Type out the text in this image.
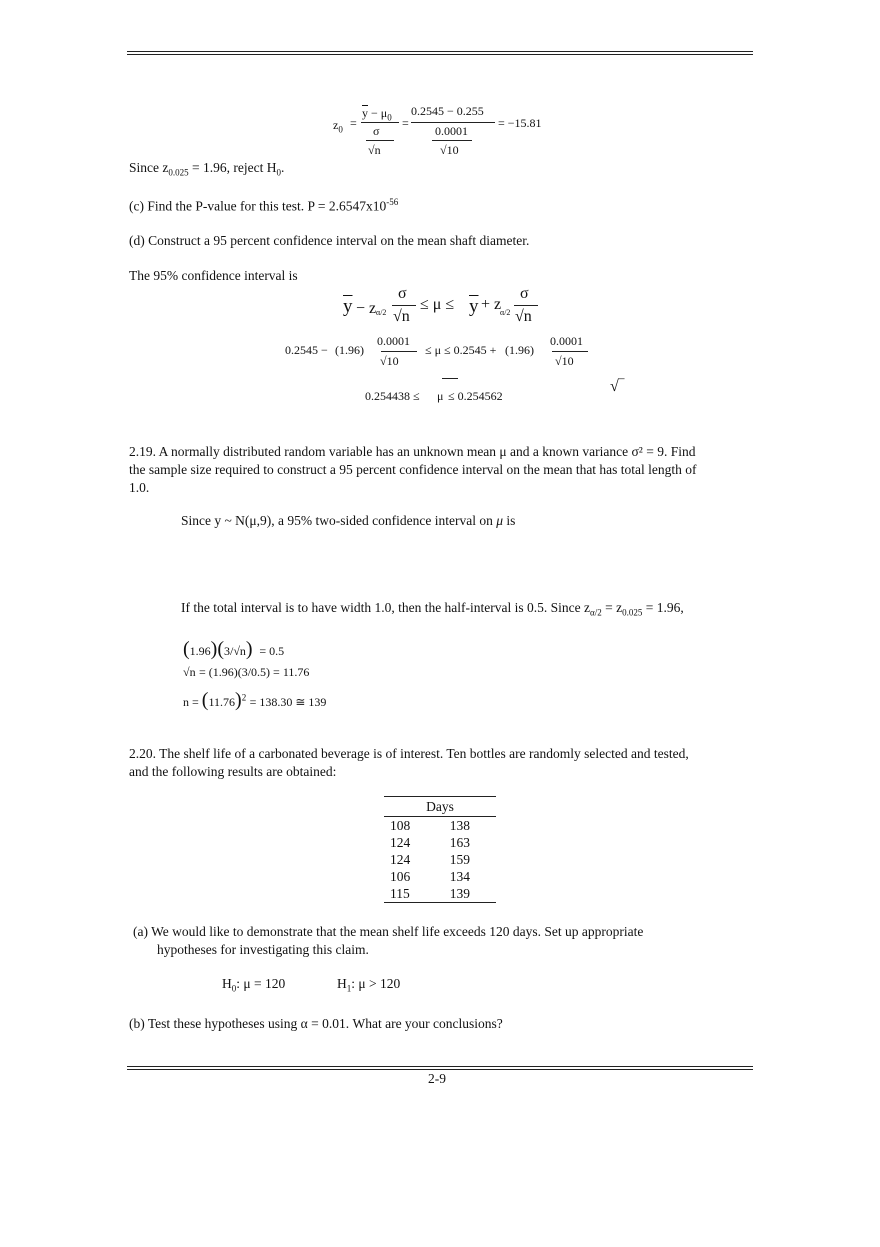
$z_0$ =
$\overline{y} - \mu_0$
σ
√n
=
0.2545 − 0.255
0.0001
√10
= −15.81
Since $z_{0.025} = 1.96$, reject $H_0$.
(c) Find the P-value for this test. $P = 2.6547x10^{-56}$
(d) Construct a 95 percent confidence interval on the mean shaft diameter.
The 95% confidence interval is
$\overline{y} - z$ α/2
σ
√n
≤ $\mu \le \overline{y} + z$
α/2
σ
√n
0.2545 − (1.96)
0.0001
√10
≤ μ ≤ 0.2545 + (1.96)
0.0001
√10
0.254438 ≤ μ ≤ 0.254562
√‾
2.19. A normally distributed random variable has an unknown mean μ and a known variance σ² = 9. Find
the sample size required to construct a 95 percent confidence interval on the mean that has total length of
1.0.
Since y ~ N(μ,9), a 95% two-sided confidence interval on μ is
If the total interval is to have width 1.0, then the half-interval is 0.5. Since $z_{\alpha/2} = z_{0.025} = 1.96$,
(1.96)(3/√n) = 0.5
√n = (1.96)(3/0.5) = 11.76
$n = (11.76)^2 = 138.30$ ≅ 139
2.20. The shelf life of a carbonated beverage is of interest. Ten bottles are randomly selected and tested,
and the following results are obtained:
Days	
108	138
124	163
124	159
106	134
115	139
(a) We would like to demonstrate that the mean shelf life exceeds 120 days. Set up appropriate
hypotheses for investigating this claim.
$H_0$: μ = 120	$H_1$: μ > 120
(b) Test these hypotheses using α = 0.01. What are your conclusions?
2-9
